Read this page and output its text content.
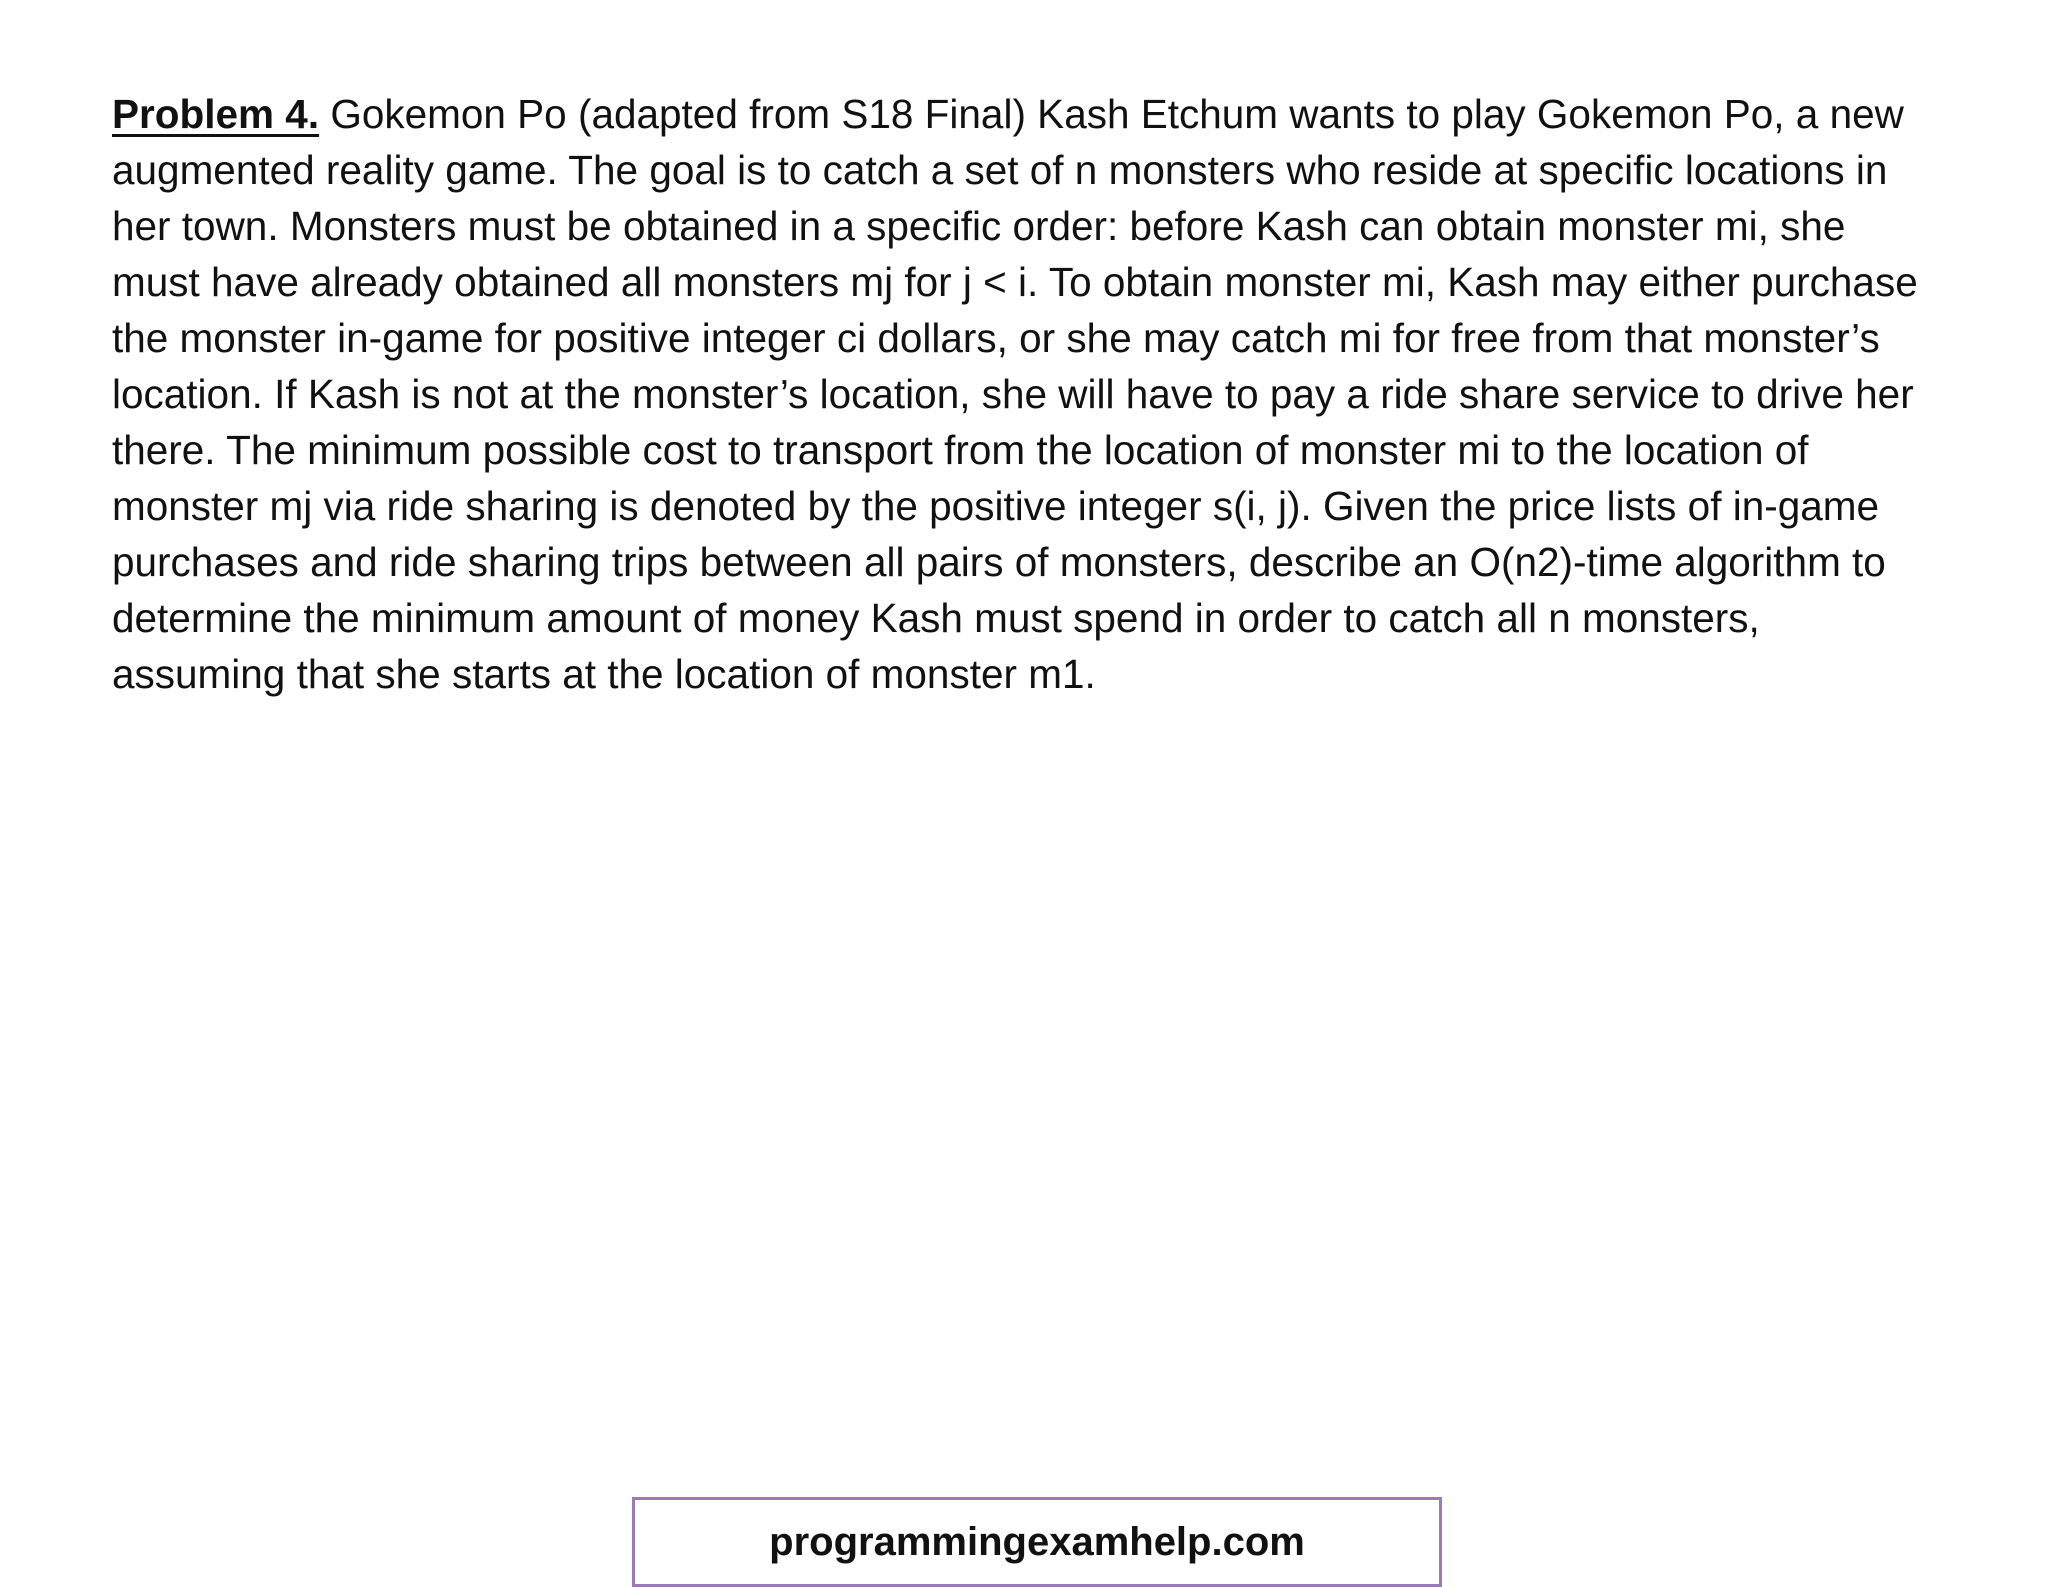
Problem 4. Gokemon Po (adapted from S18 Final) Kash Etchum wants to play Gokemon Po, a new augmented reality game. The goal is to catch a set of n monsters who reside at specific locations in her town. Monsters must be obtained in a specific order: before Kash can obtain monster mi, she must have already obtained all monsters mj for j < i. To obtain monster mi, Kash may either purchase the monster in-game for positive integer ci dollars, or she may catch mi for free from that monster’s location. If Kash is not at the monster’s location, she will have to pay a ride share service to drive her there. The minimum possible cost to transport from the location of monster mi to the location of monster mj via ride sharing is denoted by the positive integer s(i, j). Given the price lists of in-game purchases and ride sharing trips between all pairs of monsters, describe an O(n2)-time algorithm to determine the minimum amount of money Kash must spend in order to catch all n monsters, assuming that she starts at the location of monster m1.

programmingexamhelp.com
